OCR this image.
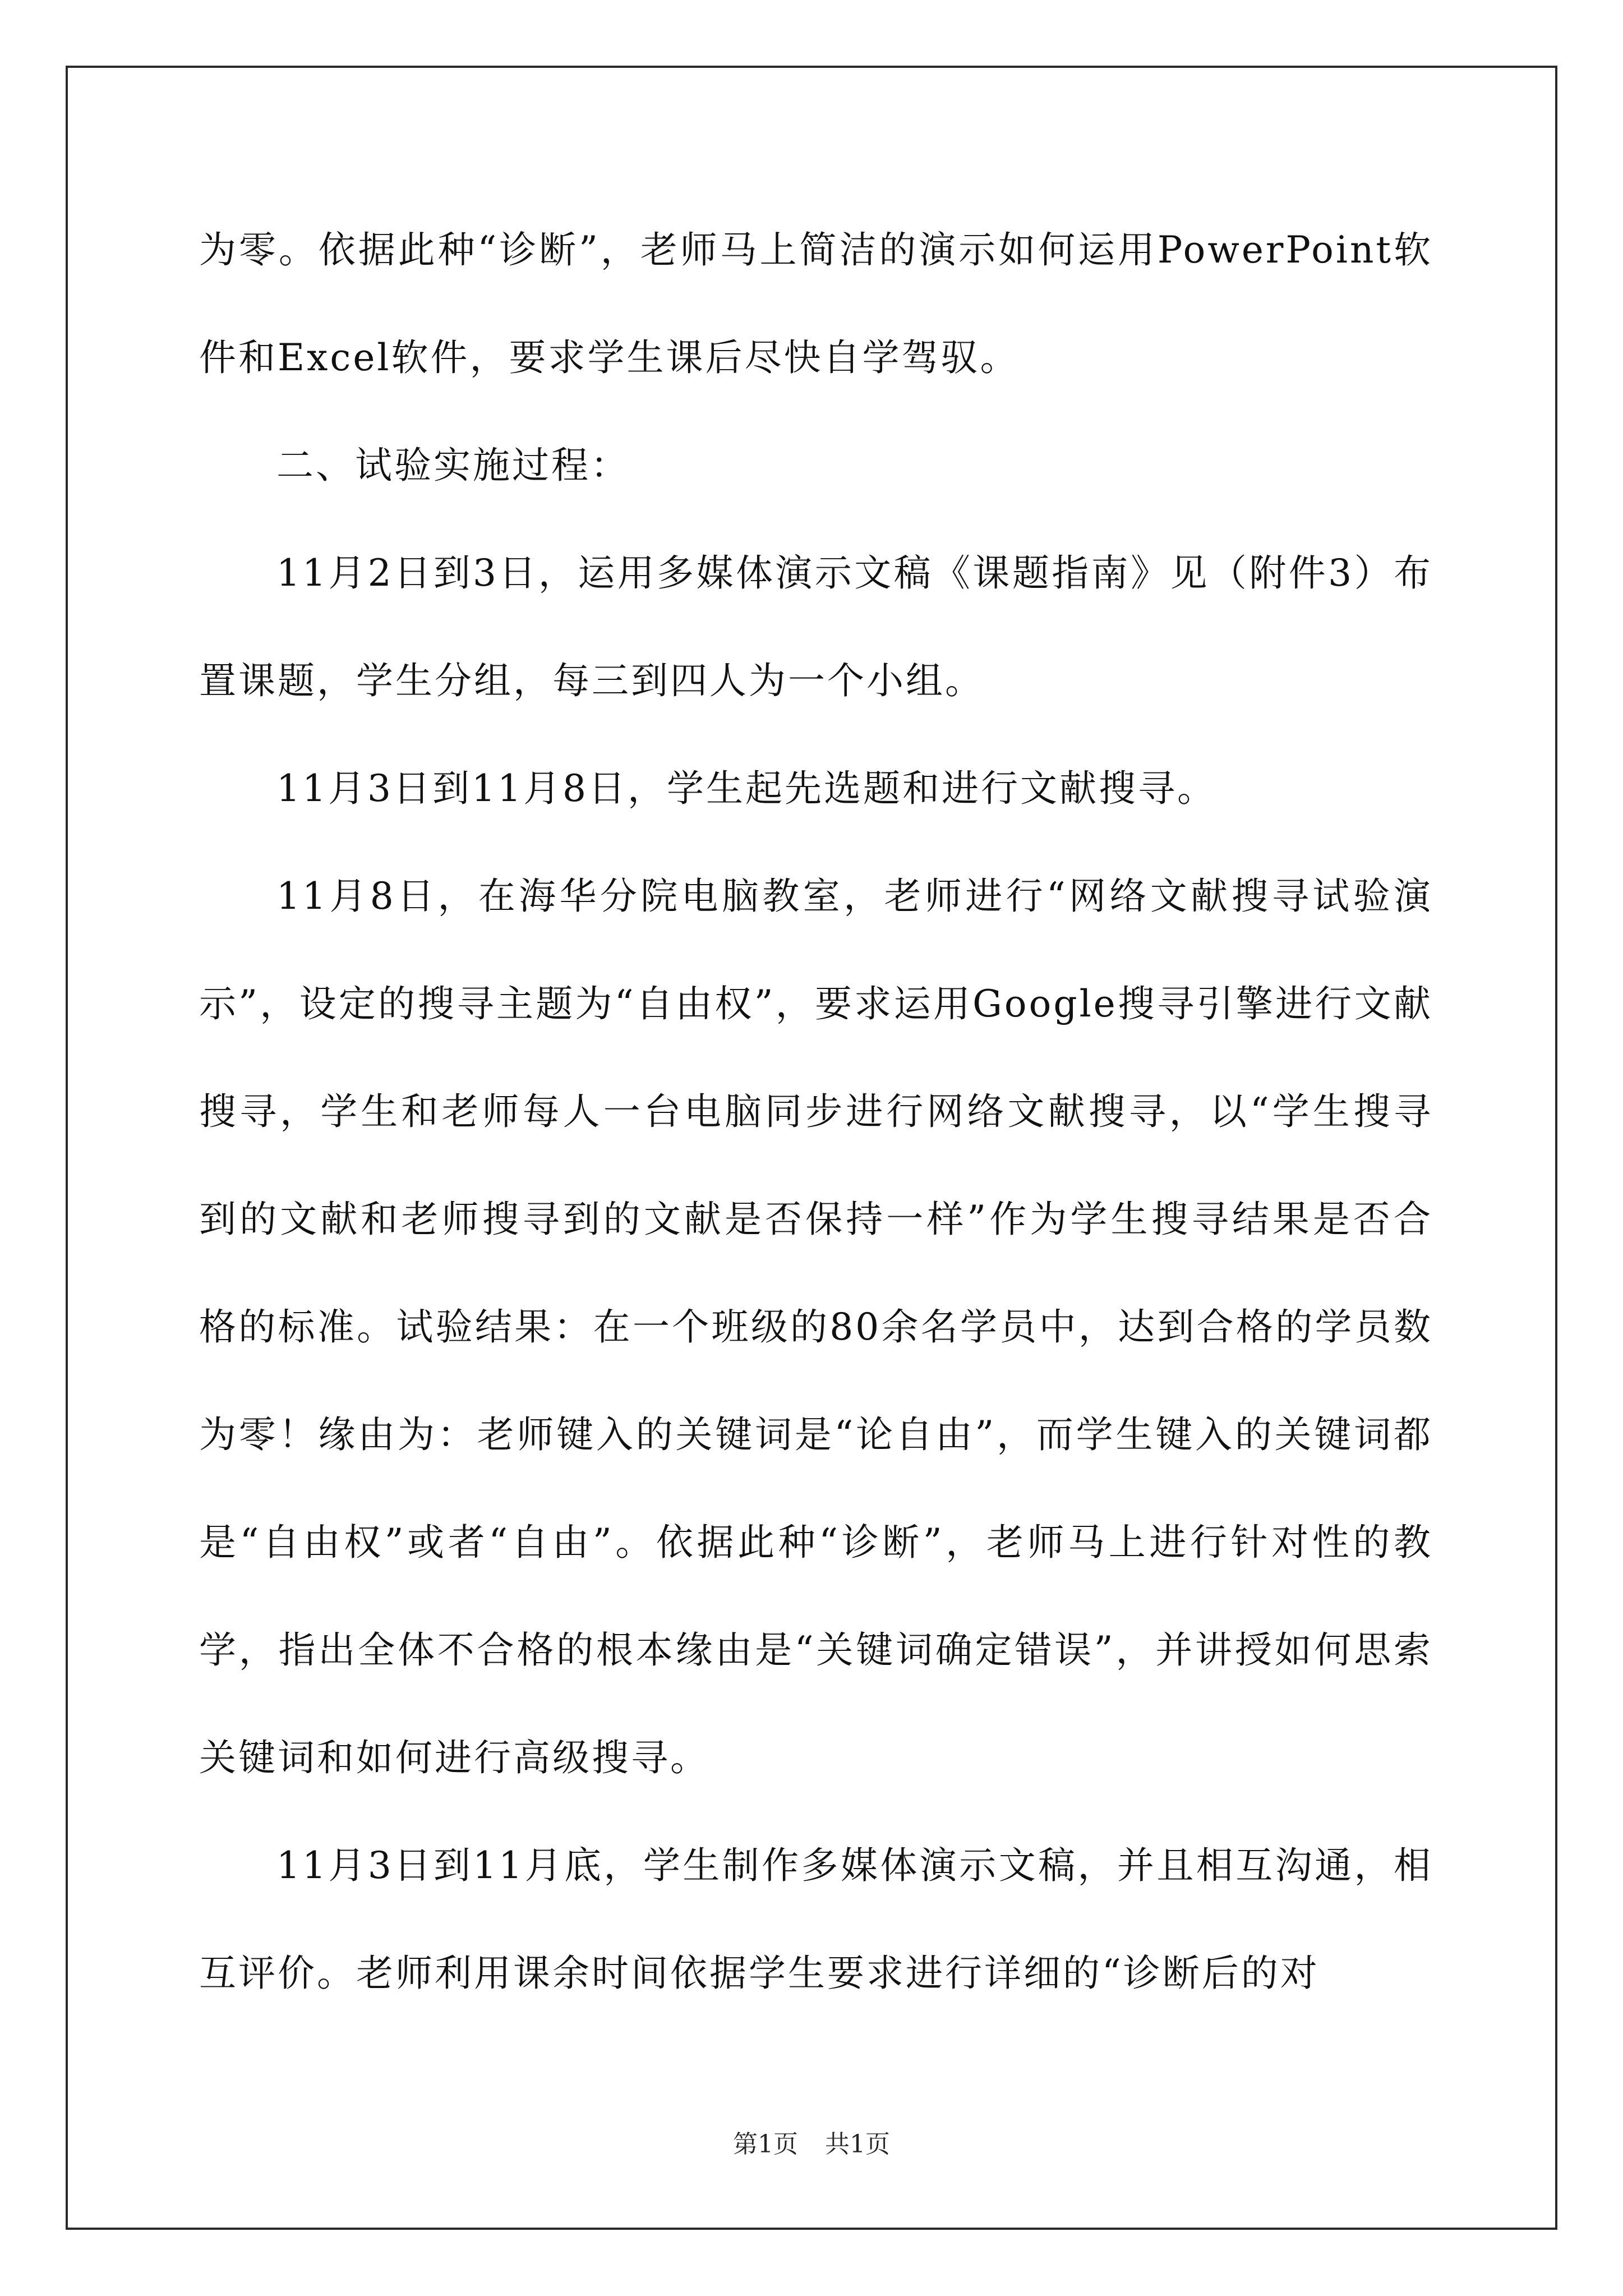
为零。依据此种“诊断”，老师马上简洁的演示如何运用PowerPoint软件和Excel软件，要求学生课后尽快自学驾驭。

二、试验实施过程：

11月2日到3日，运用多媒体演示文稿《课题指南》见（附件3）布置课题，学生分组，每三到四人为一个小组。

11月3日到11月8日，学生起先选题和进行文献搜寻。

11月8日，在海华分院电脑教室，老师进行“网络文献搜寻试验演示”，设定的搜寻主题为“自由权”，要求运用Google搜寻引擎进行文献搜寻，学生和老师每人一台电脑同步进行网络文献搜寻，以“学生搜寻到的文献和老师搜寻到的文献是否保持一样”作为学生搜寻结果是否合格的标准。试验结果：在一个班级的80余名学员中，达到合格的学员数为零！缘由为：老师键入的关键词是“论自由”，而学生键入的关键词都是“自由权”或者“自由”。依据此种“诊断”，老师马上进行针对性的教学，指出全体不合格的根本缘由是“关键词确定错误”，并讲授如何思索关键词和如何进行高级搜寻。

11月3日到11月底，学生制作多媒体演示文稿，并且相互沟通，相互评价。老师利用课余时间依据学生要求进行详细的“诊断后的对

第1页 共1页
